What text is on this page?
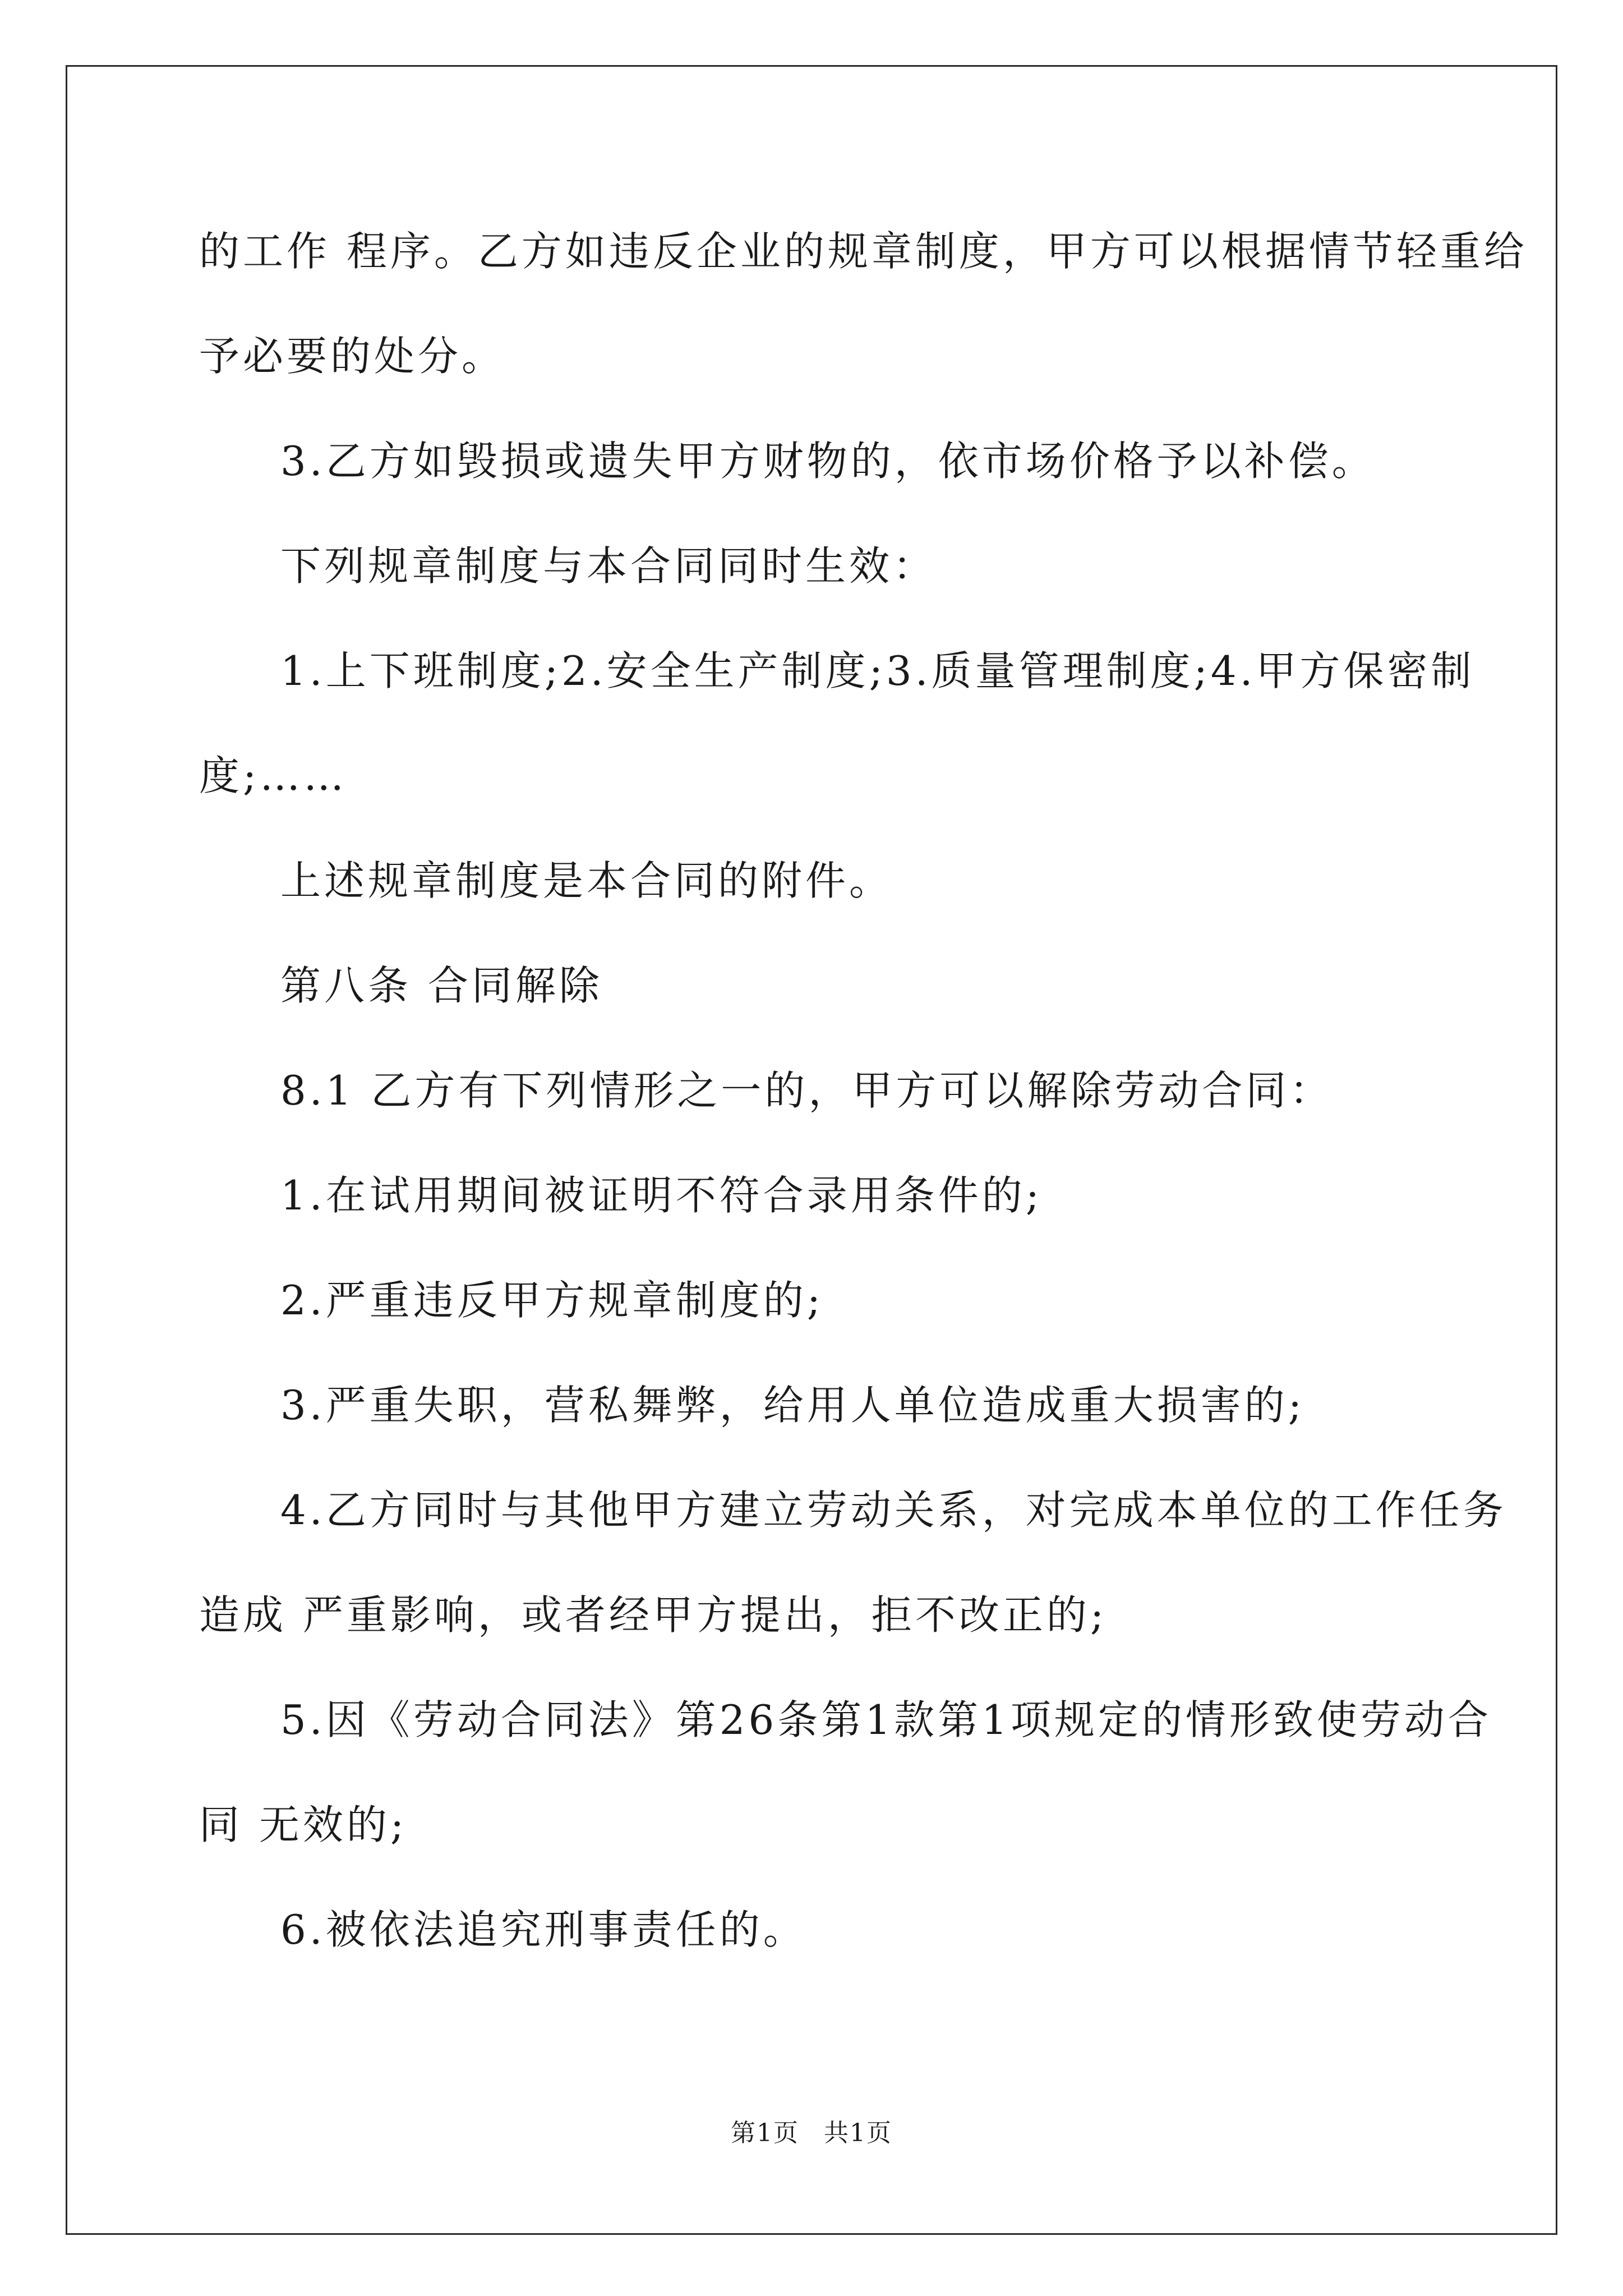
的工作 程序。乙方如违反企业的规章制度，甲方可以根据情节轻重给
予必要的处分。
3.乙方如毁损或遗失甲方财物的，依市场价格予以补偿。
下列规章制度与本合同同时生效：
1.上下班制度;2.安全生产制度;3.质量管理制度;4.甲方保密制
度;……
上述规章制度是本合同的附件。
第八条 合同解除
8.1 乙方有下列情形之一的，甲方可以解除劳动合同：
1.在试用期间被证明不符合录用条件的;
2.严重违反甲方规章制度的;
3.严重失职，营私舞弊，给用人单位造成重大损害的;
4.乙方同时与其他甲方建立劳动关系，对完成本单位的工作任务
造成 严重影响，或者经甲方提出，拒不改正的;
5.因《劳动合同法》第26条第1款第1项规定的情形致使劳动合
同 无效的;
6.被依法追究刑事责任的。
第1页 共1页
